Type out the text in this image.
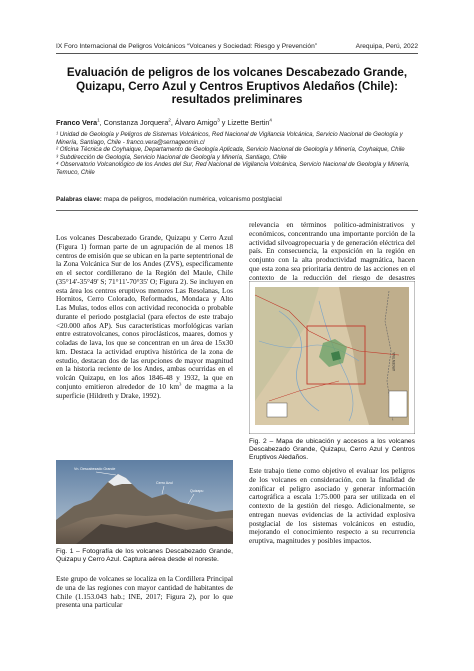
IX Foro Internacional de Peligros Volcánicos “Volcanes y Sociedad: Riesgo y Prevención”	Arequipa, Perú, 2022
Evaluación de peligros de los volcanes Descabezado Grande, Quizapu, Cerro Azul y Centros Eruptivos Aledaños (Chile): resultados preliminares
Franco Vera$^1$, Constanza Jorquera$^2$, Álvaro Amigo$^3$ y Lizette Bertin$^4$

¹ Unidad de Geología y Peligros de Sistemas Volcánicos, Red Nacional de Vigilancia Volcánica, Servicio Nacional de Geología y Minería, Santiago, Chile - franco.vera@sernageomin.cl

² Oficina Técnica de Coyhaique, Departamento de Geología Aplicada, Servicio Nacional de Geología y Minería, Coyhaique, Chile

³ Subdirección de Geología, Servicio Nacional de Geología y Minería, Santiago, Chile

⁴ Observatorio Volcanológico de los Andes del Sur, Red Nacional de Vigilancia Volcánica, Servicio Nacional de Geología y Minería, Temuco, Chile

Palabras clave: mapa de peligros, modelación numérica, volcanismo postglacial

Los volcanes Descabezado Grande, Quizapu y Cerro Azul (Figura 1) forman parte de un agrupación de al menos 18 centros de emisión que se ubican en la parte septentrional de la Zona Volcánica Sur de los Andes (ZVS), específicamente en el sector cordillerano de la Región del Maule, Chile (35°14'-35°49' S; 71°11'-70°35' O; Figura 2). Se incluyen en esta área los centros eruptivos menores Las Resolanas, Los Hornitos, Cerro Colorado, Reformados, Mondaca y Alto Las Mulas, todos ellos con actividad reconocida o probable durante el periodo postglacial (para efectos de este trabajo <20.000 años AP). Sus características morfológicas varían entre estratovolcanes, conos piroclásticos, maares, domos y coladas de lava, los que se concentran en un área de 15x30 km. Destaca la actividad eruptiva histórica de la zona de estudio, destacan dos de las erupciones de mayor magnitud en la historia reciente de los Andes, ambas ocurridas en el volcán Quizapu, en los años 1846-48 y 1932, la que en conjunto emitieron alrededor de 10 $km^3$ de magma a la superficie (Hildreth y Drake, 1992).

Vn. Descabezado Grande
Cerro Azul
Quizapu
Fig. 1 – Fotografía de los volcanes Descabezado Grande, Quizapu y Cerro Azul. Captura aérea desde el noreste.

Este grupo de volcanes se localiza en la Cordillera Principal de una de las regiones con mayor cantidad de habitantes de Chile (1.153.043 hab.; INE, 2017; Figura 2), por lo que presenta una particular

relevancia en términos político-administrativos y económicos, concentrando una importante porción de la actividad silvoagropecuaria y de generación eléctrica del país. En consecuencia, la exposición en la región en conjunto con la alta productividad magmática, hacen que esta zona sea prioritaria dentro de las acciones en el contexto de la reducción del riesgo de desastres

ARGENTINA
Fig. 2 – Mapa de ubicación y accesos a los volcanes Descabezado Grande, Quizapu, Cerro Azul y Centros Eruptivos Aledaños.

Este trabajo tiene como objetivo el evaluar los peligros de los volcanes en consideración, con la finalidad de zonificar el peligro asociado y generar información cartográfica a escala 1:75.000 para ser utilizada en el contexto de la gestión del riesgo. Adicionalmente, se entregan nuevas evidencias de la actividad explosiva postglacial de los sistemas volcánicos en estudio, mejorando el conocimiento respecto a su recurrencia eruptiva, magnitudes y posibles impactos.
